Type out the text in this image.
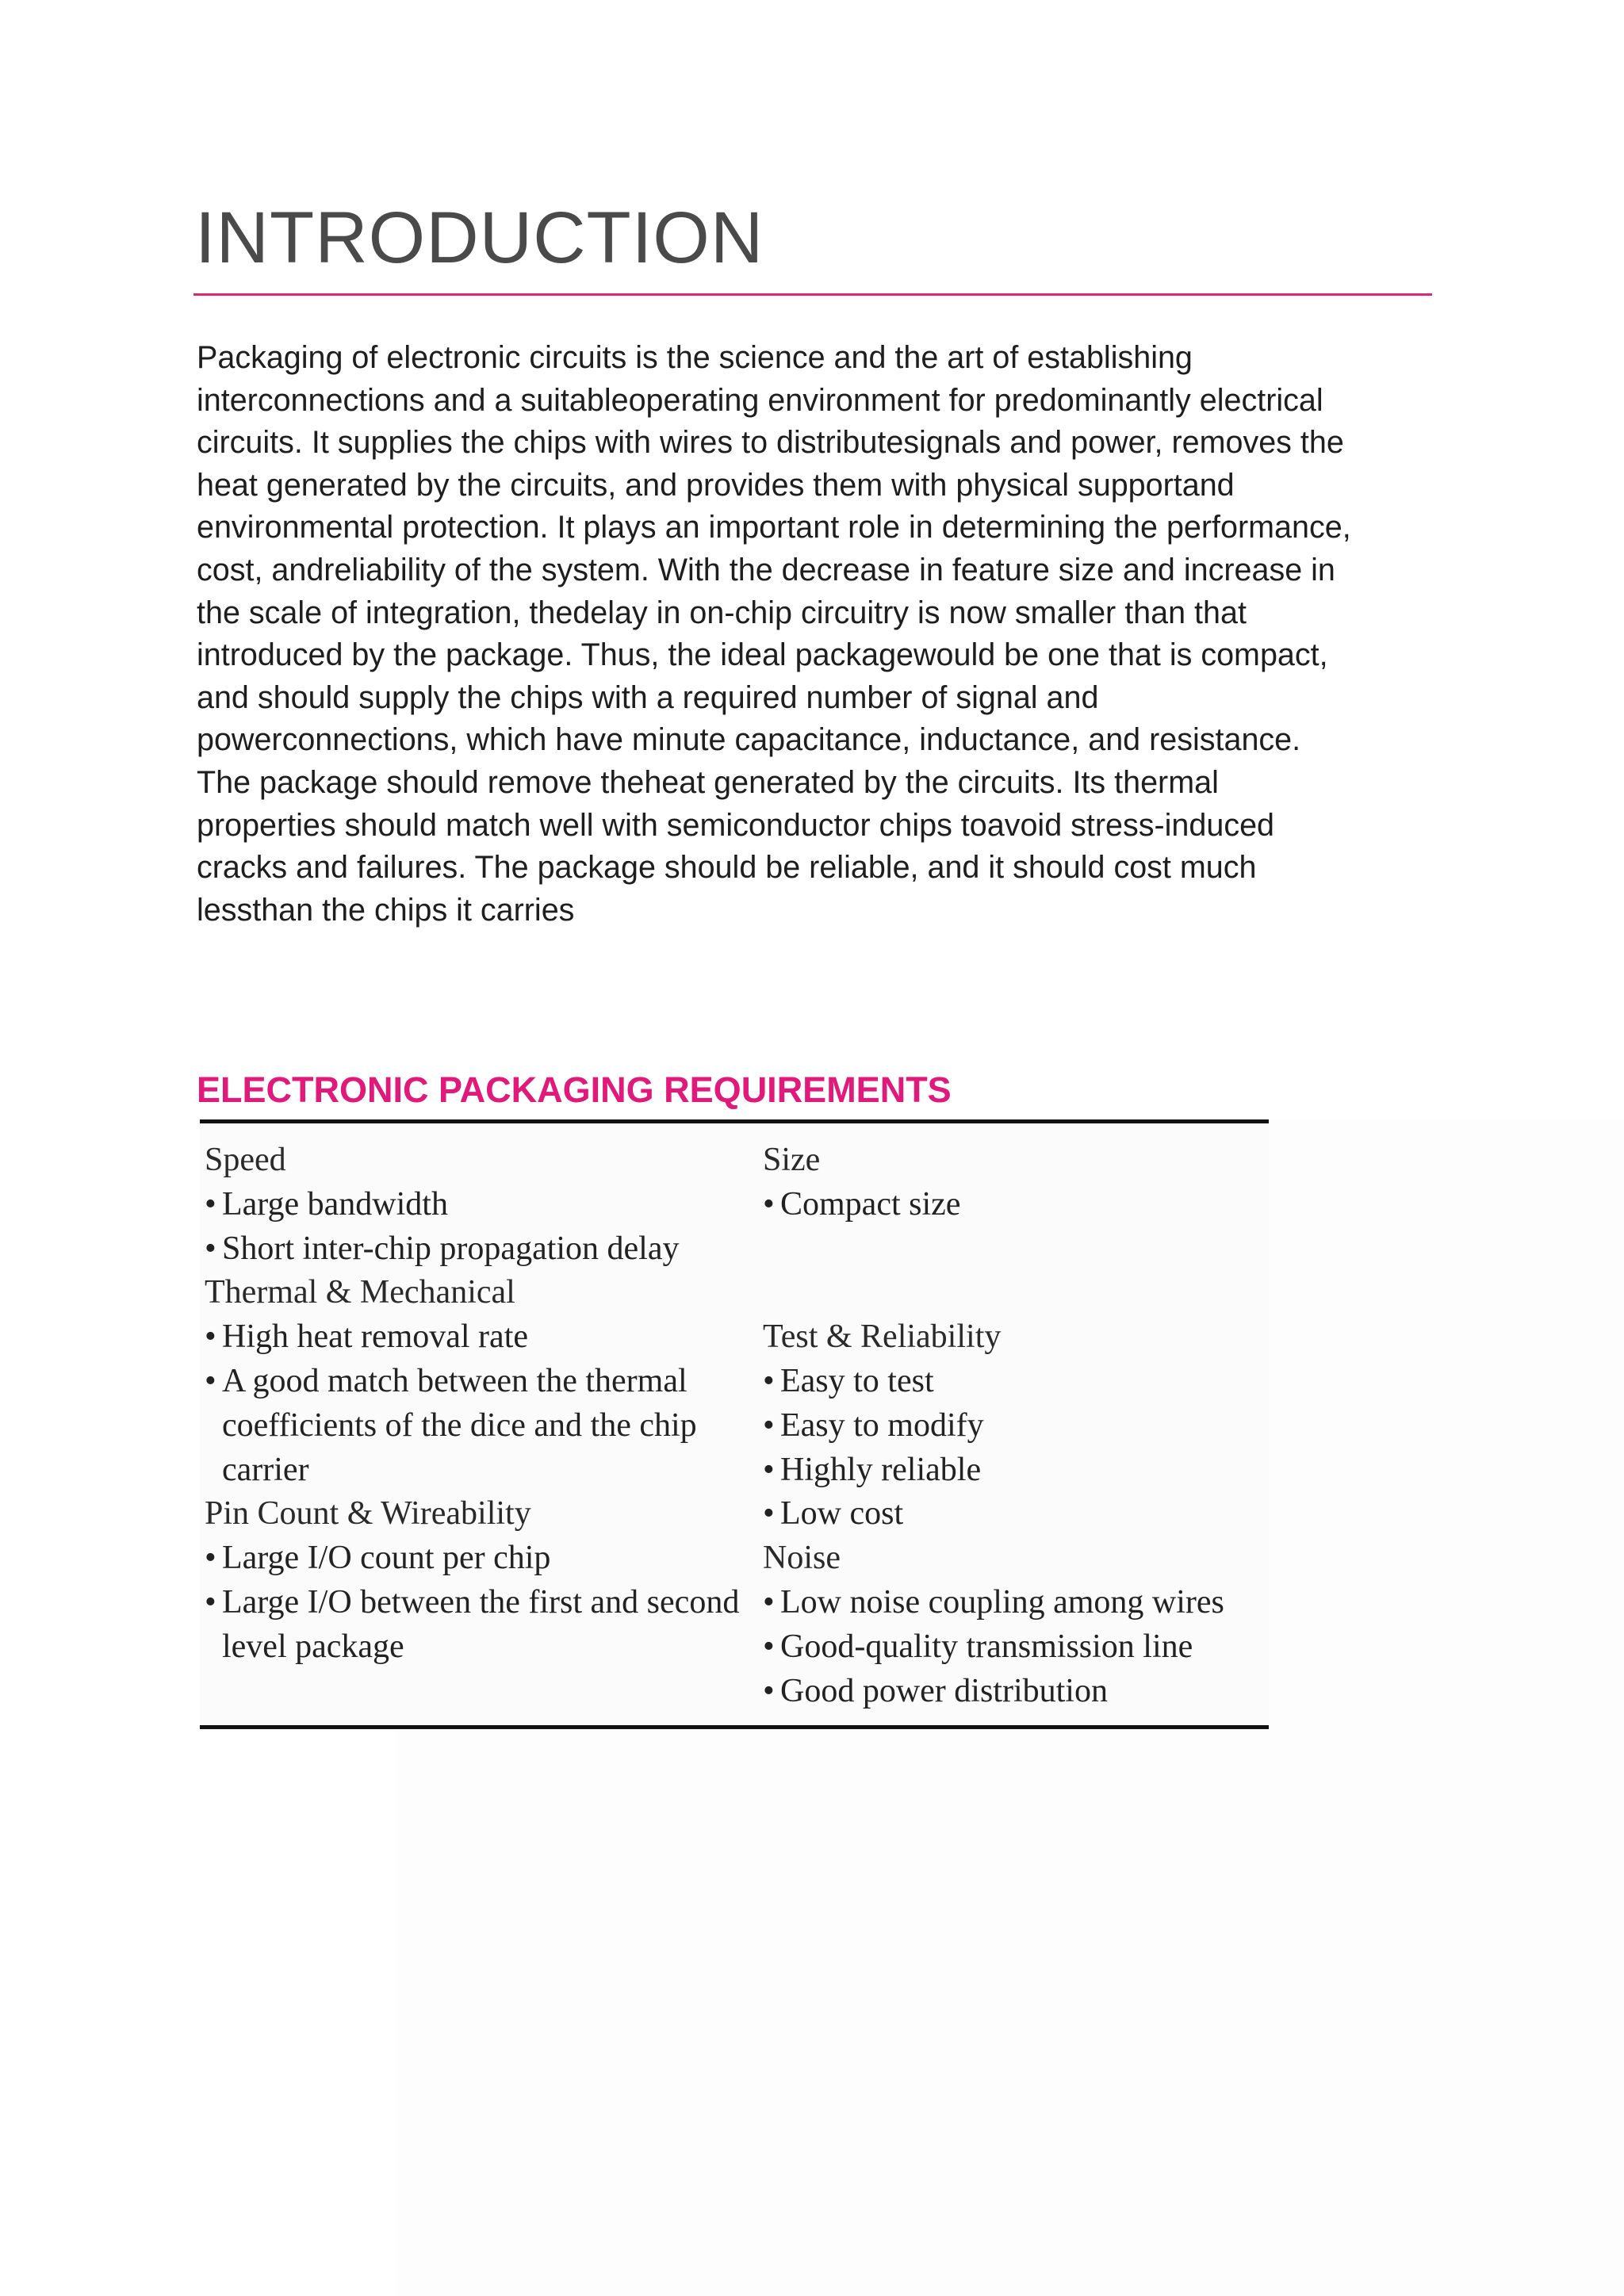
INTRODUCTION

Packaging of electronic circuits is the science and the art of establishing
interconnections and a suitableoperating environment for predominantly electrical
circuits. It supplies the chips with wires to distributesignals and power, removes the
heat generated by the circuits, and provides them with physical supportand
environmental protection. It plays an important role in determining the performance,
cost, andreliability of the system. With the decrease in feature size and increase in
the scale of integration, thedelay in on-chip circuitry is now smaller than that
introduced by the package. Thus, the ideal packagewould be one that is compact,
and should supply the chips with a required number of signal and
powerconnections, which have minute capacitance, inductance, and resistance.
The package should remove theheat generated by the circuits. Its thermal
properties should match well with semiconductor chips toavoid stress-induced
cracks and failures. The package should be reliable, and it should cost much
lessthan the chips it carries

ELECTRONIC PACKAGING REQUIREMENTS
Speed
• Large bandwidth
• Short inter-chip propagation delay
Thermal & Mechanical
• High heat removal rate
• A good match between the thermal coefficients of the dice and the chip carrier
Pin Count & Wireability
• Large I/O count per chip
• Large I/O between the first and second level package
Size
• Compact size
Test & Reliability
• Easy to test
• Easy to modify
• Highly reliable
• Low cost
Noise
• Low noise coupling among wires
• Good-quality transmission line
• Good power distribution
